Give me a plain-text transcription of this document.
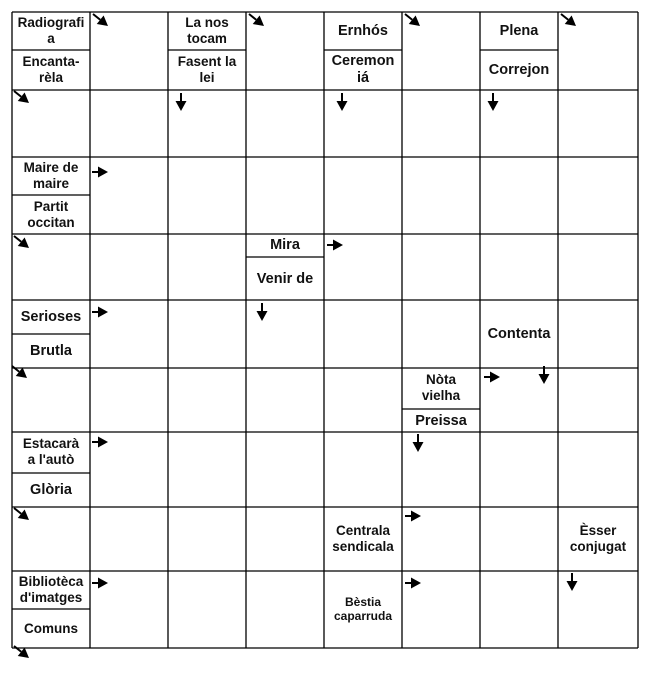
Radiografi
a
Encanta-
rèla
La nos
tocam
Fasent la
lei
Ernhós
Ceremon
iá
Plena
Correjon
Maire de
maire
Partit
occitan
Mira
Venir de
Serioses
Brutla
Contenta
Nòta
vielha
Preissa
Estacarà
a l'autò
Glòria
Centrala
sendicala
Èsser
conjugat
Bibliotèca
d'imatges
Comuns
Bèstia
caparruda
